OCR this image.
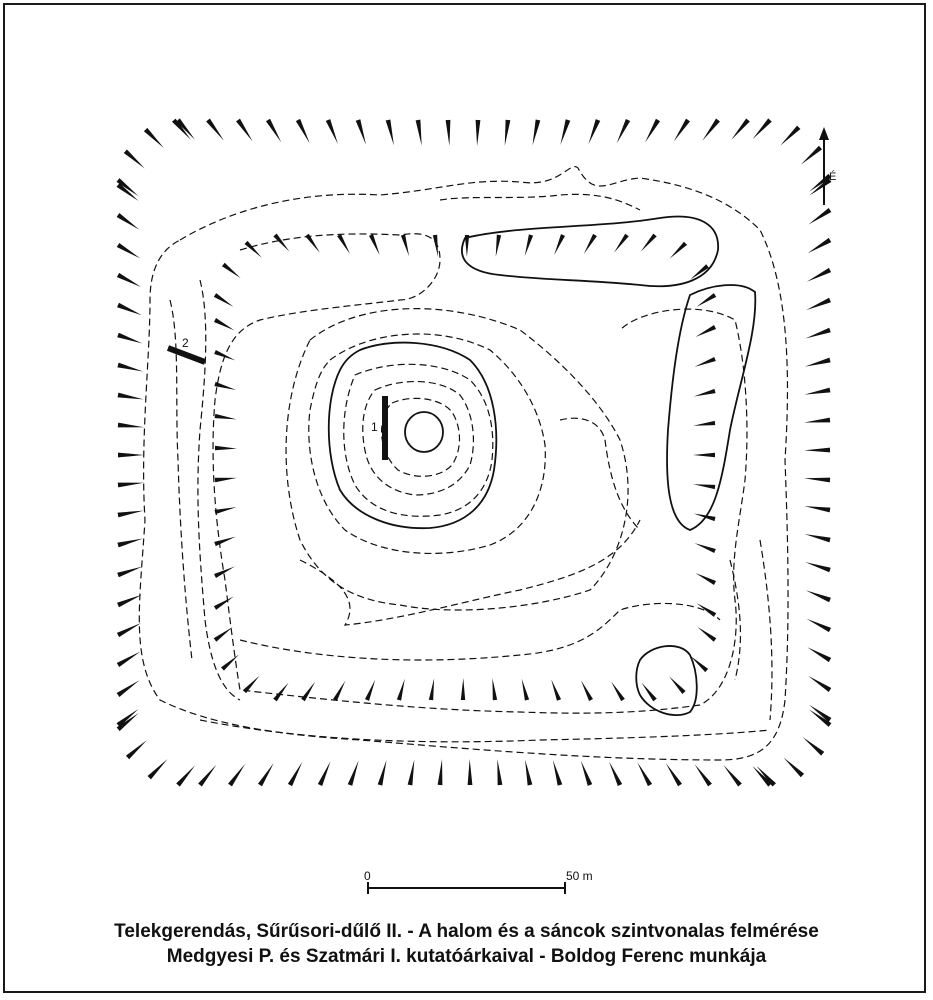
1
2
É
0	50 m
Telekgerendás, Sűrűsori-dűlő II. - A halom és a sáncok szintvonalas felmérése
Medgyesi P. és Szatmári I. kutatóárkaival - Boldog Ferenc munkája
